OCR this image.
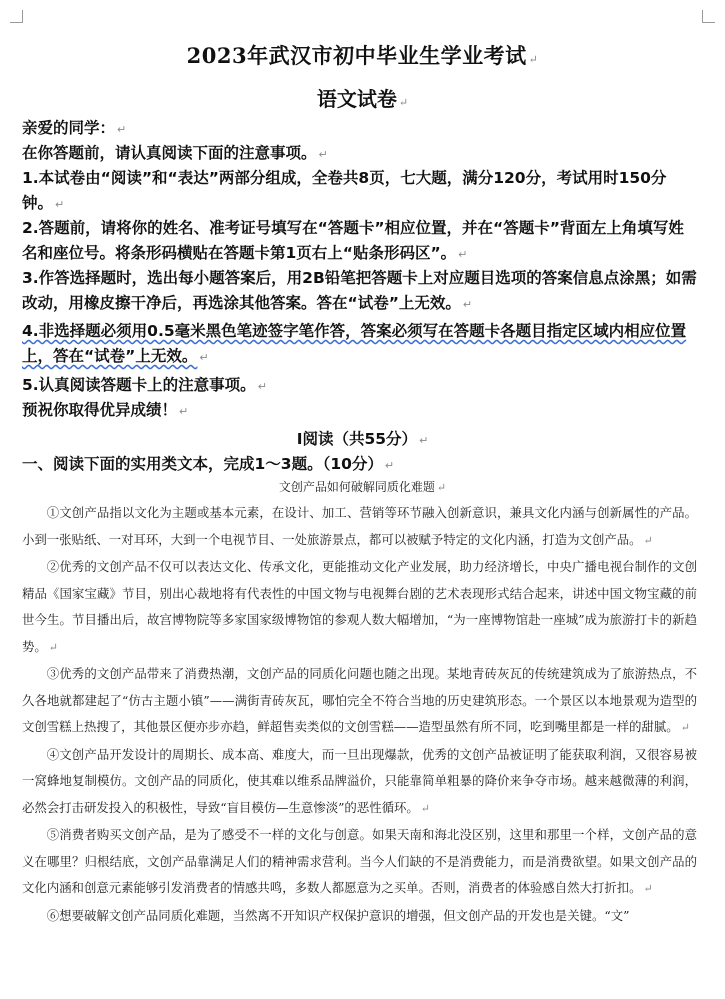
2023年武汉市初中毕业生学业考试 ↵
语文试卷 ↵
亲爱的同学： ↵
在你答题前，请认真阅读下面的注意事项。 ↵
1.本试卷由“阅读”和“表达”两部分组成，全卷共8页，七大题，满分120分，考试用时150分钟。 ↵
2.答题前，请将你的姓名、准考证号填写在“答题卡”相应位置，并在“答题卡”背面左上角填写姓名和座位号。将条形码横贴在答题卡第1页右上“贴条形码区”。 ↵
3.作答选择题时，选出每小题答案后，用2B铅笔把答题卡上对应题目选项的答案信息点涂黑；如需改动，用橡皮擦干净后，再选涂其他答案。答在“试卷”上无效。 ↵
4.非选择题必须用0.5毫米黑色笔迹签字笔作答，答案必须写在答题卡各题目指定区域内相应位置上，答在“试卷”上无效。 ↵
5.认真阅读答题卡上的注意事项。 ↵
预祝你取得优异成绩！ ↵
Ⅰ阅读（共55分） ↵
一、阅读下面的实用类文本，完成1～3题。（10分） ↵
文创产品如何破解同质化难题 ↵

①文创产品指以文化为主题或基本元素，在设计、加工、营销等环节融入创新意识，兼具文化内涵与创新属性的产品。小到一张贴纸、一对耳环，大到一个电视节目、一处旅游景点，都可以被赋予特定的文化内涵，打造为文创产品。 ↵

②优秀的文创产品不仅可以表达文化、传承文化，更能推动文化产业发展，助力经济增长，中央广播电视台制作的文创精品《国家宝藏》节目，别出心裁地将有代表性的中国文物与电视舞台剧的艺术表现形式结合起来，讲述中国文物宝藏的前世今生。节目播出后，故宫博物院等多家国家级博物馆的参观人数大幅增加，“为一座博物馆赴一座城”成为旅游打卡的新趋势。 ↵

③优秀的文创产品带来了消费热潮，文创产品的同质化问题也随之出现。某地青砖灰瓦的传统建筑成为了旅游热点，不久各地就都建起了“仿古主题小镇”——满街青砖灰瓦，哪怕完全不符合当地的历史建筑形态。一个景区以本地景观为造型的文创雪糕上热搜了，其他景区便亦步亦趋，鲜超售卖类似的文创雪糕——造型虽然有所不同，吃到嘴里都是一样的甜腻。 ↵

④文创产品开发设计的周期长、成本高、难度大，而一旦出现爆款，优秀的文创产品被证明了能获取利润，又很容易被一窝蜂地复制模仿。文创产品的同质化，使其难以维系品牌溢价，只能靠简单粗暴的降价来争夺市场。越来越微薄的利润，必然会打击研发投入的积极性，导致“盲目模仿—生意惨淡”的恶性循环。 ↵

⑤消费者购买文创产品，是为了感受不一样的文化与创意。如果天南和海北没区别，这里和那里一个样，文创产品的意义在哪里？归根结底，文创产品靠满足人们的精神需求营利。当今人们缺的不是消费能力，而是消费欲望。如果文创产品的文化内涵和创意元素能够引发消费者的情感共鸣，多数人都愿意为之买单。否则，消费者的体验感自然大打折扣。 ↵

⑥想要破解文创产品同质化难题，当然离不开知识产权保护意识的增强，但文创产品的开发也是关键。“文”
